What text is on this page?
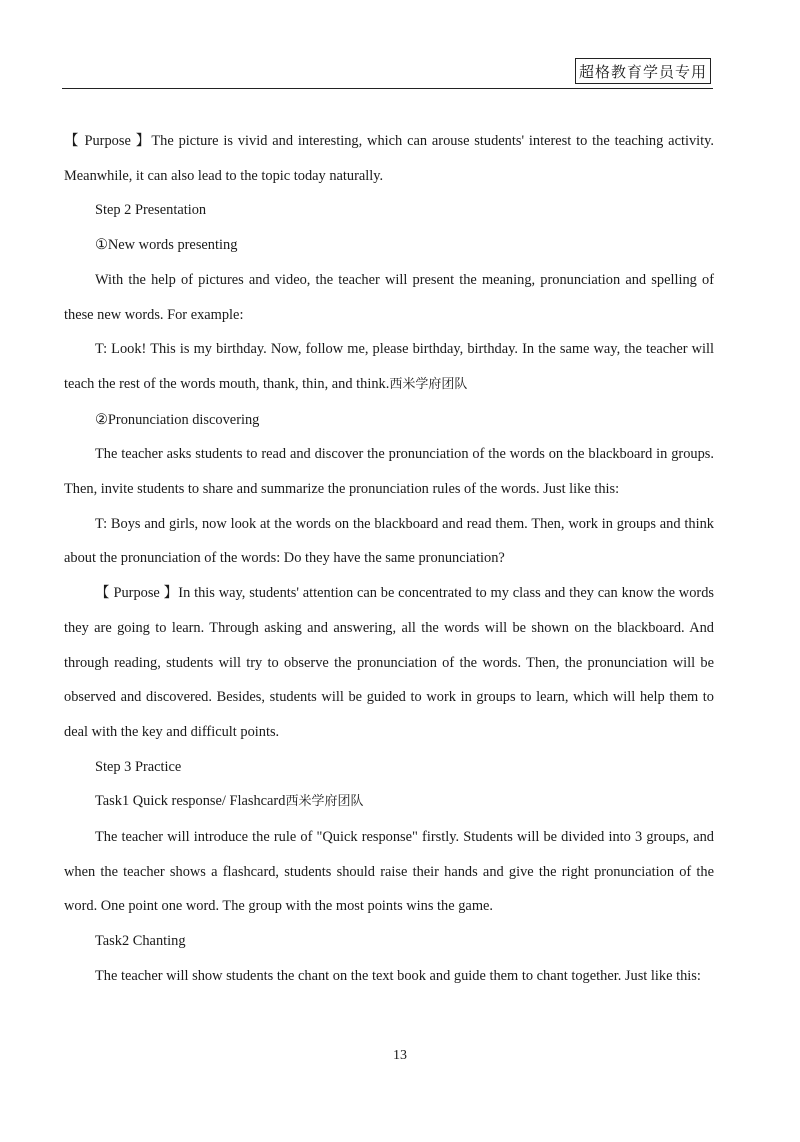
超格教育学员专用

【 Purpose 】The picture is vivid and interesting, which can arouse students' interest to the teaching activity. Meanwhile, it can also lead to the topic today naturally.

Step 2 Presentation

①New words presenting

With the help of pictures and video, the teacher will present the meaning, pronunciation and spelling of these new words. For example:

T: Look! This is my birthday. Now, follow me, please birthday, birthday. In the same way, the teacher will teach the rest of the words mouth, thank, thin, and think.西米学府团队

②Pronunciation discovering

The teacher asks students to read and discover the pronunciation of the words on the blackboard in groups. Then, invite students to share and summarize the pronunciation rules of the words. Just like this:

T: Boys and girls, now look at the words on the blackboard and read them. Then, work in groups and think about the pronunciation of the words: Do they have the same pronunciation?

【 Purpose 】In this way, students' attention can be concentrated to my class and they can know the words they are going to learn. Through asking and answering, all the words will be shown on the blackboard. And through reading, students will try to observe the pronunciation of the words. Then, the pronunciation will be observed and discovered. Besides, students will be guided to work in groups to learn, which will help them to deal with the key and difficult points.

Step 3 Practice

Task1 Quick response/ Flashcard西米学府团队

The teacher will introduce the rule of "Quick response" firstly. Students will be divided into 3 groups, and when the teacher shows a flashcard, students should raise their hands and give the right pronunciation of the word. One point one word. The group with the most points wins the game.

Task2 Chanting

The teacher will show students the chant on the text book and guide them to chant together. Just like this:

13
